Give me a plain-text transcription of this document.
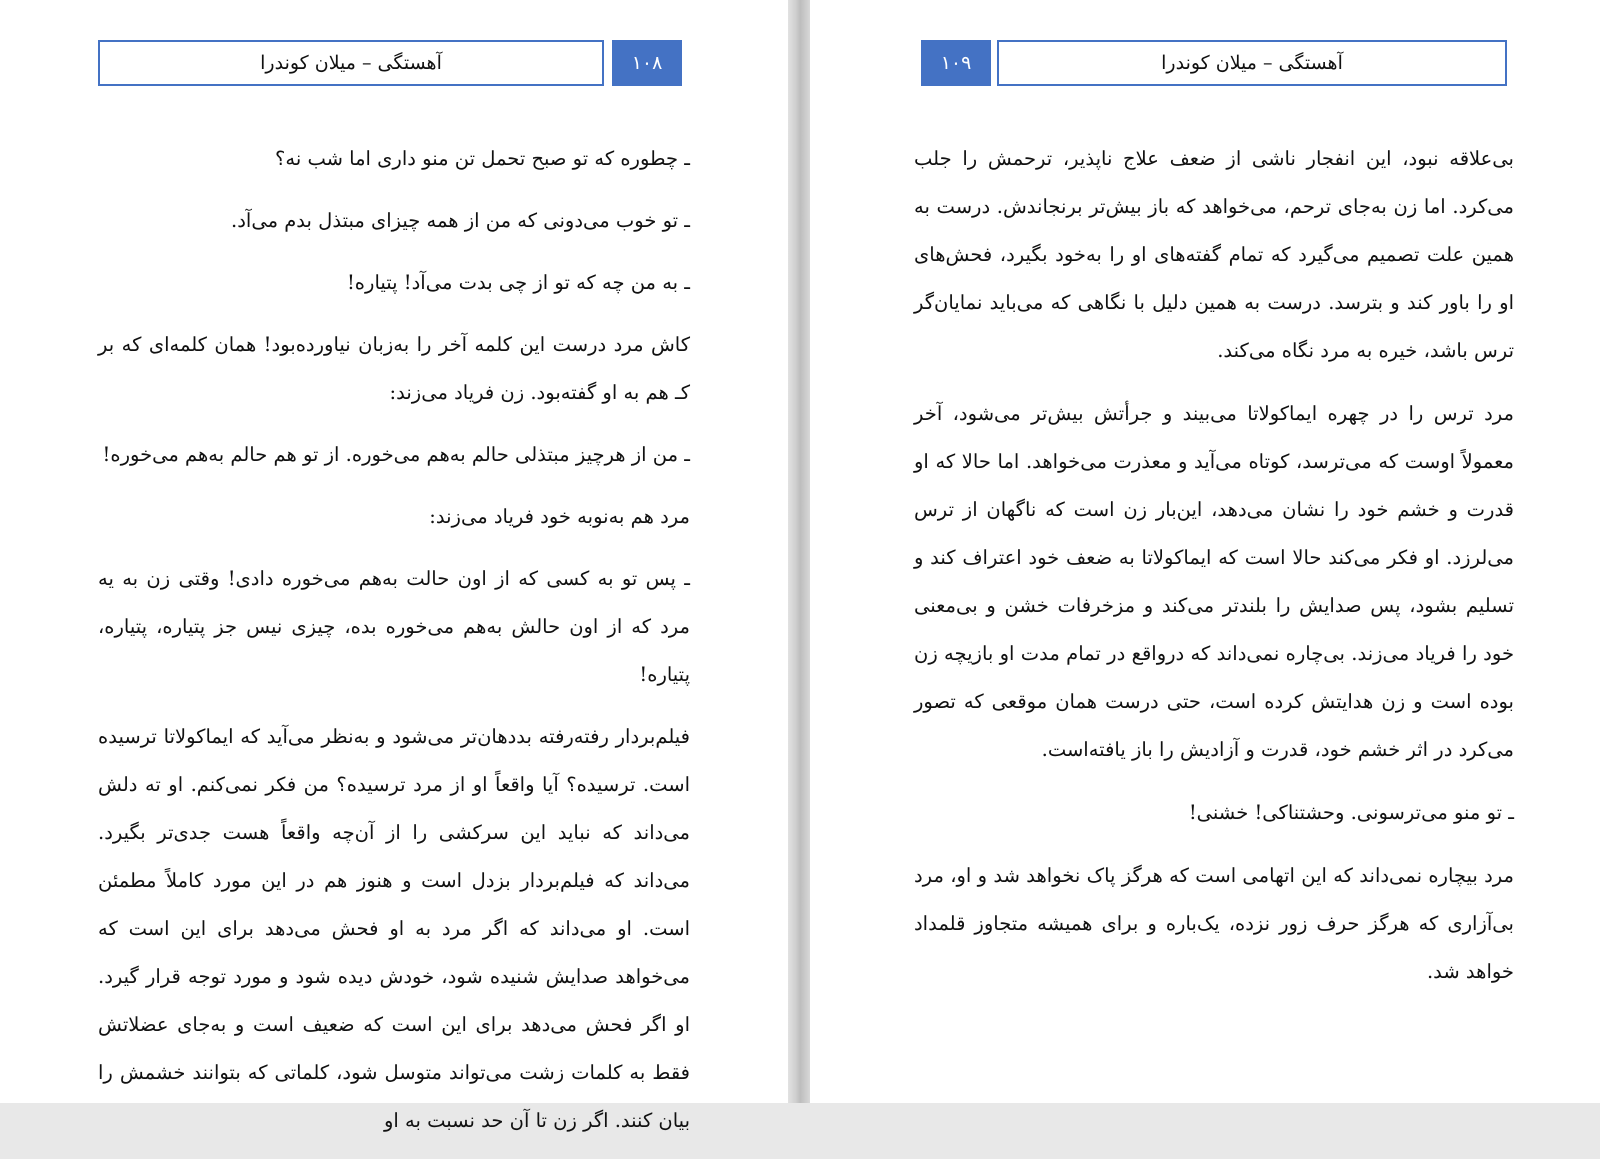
آهستگی – میلان کوندرا	۱۰۸

ـ چطوره که تو صبح تحمل تن منو داری اما شب نه؟

ـ تو خوب می‌دونی که من از همه چیزای مبتذل بدم می‌آد.

ـ به من چه که تو از چی بدت می‌آد! پتیاره!

کاش مرد درست این کلمه آخر را به‌زبان نیاورده‌بود! همان کلمه‌ای که بر کـ هم به او گفته‌بود. زن فریاد می‌زند:

ـ من از هرچیز مبتذلی حالم به‌هم می‌خوره. از تو هم حالم به‌هم می‌خوره!

مرد هم به‌نوبه خود فریاد می‌زند:

ـ پس تو به کسی که از اون حالت به‌هم می‌خوره دادی! وقتی زن به یه مرد که از اون حالش به‌هم می‌خوره بده، چیزی نیس جز پتیاره، پتیاره، پتیاره!

فیلم‌بردار رفته‌رفته بددهان‌تر می‌شود و به‌نظر می‌آید که ایماکولاتا ترسیده است. ترسیده؟ آیا واقعاً او از مرد ترسیده؟ من فکر نمی‌کنم. او ته دلش می‌داند که نباید این سرکشی را از آن‌چه واقعاً هست جدی‌تر بگیرد. می‌داند که فیلم‌بردار بزدل است و هنوز هم در این مورد کاملاً مطمئن است. او می‌داند که اگر مرد به او فحش می‌دهد برای این است که می‌خواهد صدایش شنیده شود، خودش دیده شود و مورد توجه قرار گیرد. او اگر فحش می‌دهد برای این است که ضعیف است و به‌جای عضلاتش فقط به کلمات زشت می‌تواند متوسل شود، کلماتی که بتوانند خشمش را بیان کنند. اگر زن تا آن حد نسبت به او

۱۰۹	آهستگی – میلان کوندرا

بی‌علاقه نبود، این انفجار ناشی از ضعف علاج ناپذیر، ترحمش را جلب می‌کرد. اما زن به‌جای ترحم، می‌خواهد که باز بیش‌تر برنجاندش. درست به همین علت تصمیم می‌گیرد که تمام گفته‌های او را به‌خود بگیرد، فحش‌های او را باور کند و بترسد. درست به همین دلیل با نگاهی که می‌باید نمایان‌گر ترس باشد، خیره به مرد نگاه می‌کند.

مرد ترس را در چهره ایماکولاتا می‌بیند و جرأتش بیش‌تر می‌شود، آخر معمولاً اوست که می‌ترسد، کوتاه می‌آید و معذرت می‌خواهد. اما حالا که او قدرت و خشم خود را نشان می‌دهد، این‌بار زن است که ناگهان از ترس می‌لرزد. او فکر می‌کند حالا است که ایماکولاتا به ضعف خود اعتراف کند و تسلیم بشود، پس صدایش را بلندتر می‌کند و مزخرفات خشن و بی‌معنی خود را فریاد می‌زند. بی‌چاره نمی‌داند که درواقع در تمام مدت او بازیچه زن بوده است و زن هدایتش کرده است، حتی درست همان موقعی که تصور می‌کرد در اثر خشم خود، قدرت و آزادیش را باز یافته‌است.

ـ تو منو می‌ترسونی. وحشتناکی! خشنی!

مرد بیچاره نمی‌داند که این اتهامی است که هرگز پاک نخواهد شد و او، مرد بی‌آزاری که هرگز حرف زور نزده، یک‌باره و برای همیشه متجاوز قلمداد خواهد شد.
